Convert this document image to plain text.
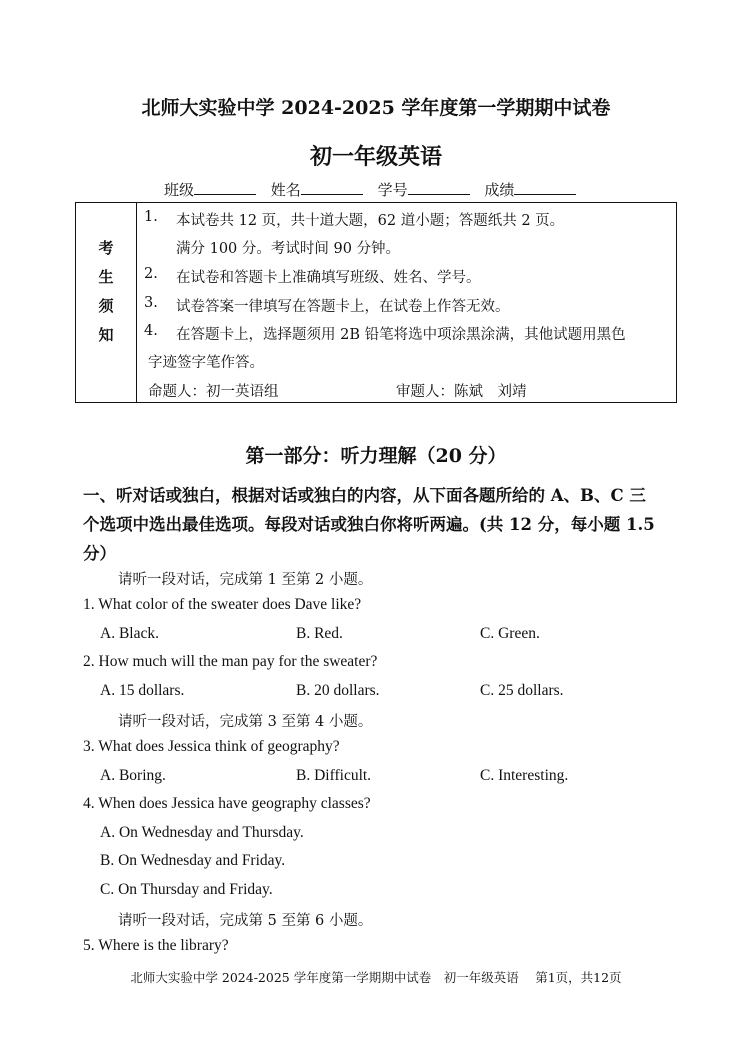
北师大实验中学 2024-2025 学年度第一学期期中试卷
初一年级英语
班级	姓名	学号	成绩
考
生
须
知
1. 本试卷共 12 页，共十道大题，62 道小题；答题纸共 2 页。
满分 100 分。考试时间 90 分钟。
2. 在试卷和答题卡上准确填写班级、姓名、学号。
3. 试卷答案一律填写在答题卡上，在试卷上作答无效。
4. 在答题卡上，选择题须用 2B 铅笔将选中项涂黑涂满，其他试题用黑色
字迹签字笔作答。
命题人：初一英语组	审题人：陈斌　刘靖
第一部分：听力理解（20 分）
一、听对话或独白，根据对话或独白的内容，从下面各题所给的 A、B、C 三
个选项中选出最佳选项。每段对话或独白你将听两遍。(共 12 分，每小题 1.5
分）
请听一段对话，完成第 1 至第 2 小题。
1. What color of the sweater does Dave like?
A. Black.	B. Red.	C. Green.
2. How much will the man pay for the sweater?
A. 15 dollars.	B. 20 dollars.	C. 25 dollars.
请听一段对话，完成第 3 至第 4 小题。
3. What does Jessica think of geography?
A. Boring.	B. Difficult.	C. Interesting.
4. When does Jessica have geography classes?
A. On Wednesday and Thursday.
B. On Wednesday and Friday.
C. On Thursday and Friday.
请听一段对话，完成第 5 至第 6 小题。
5. Where is the library?
北师大实验中学 2024-2025 学年度第一学期期中试卷　初一年级英语　 第1页，共12页
